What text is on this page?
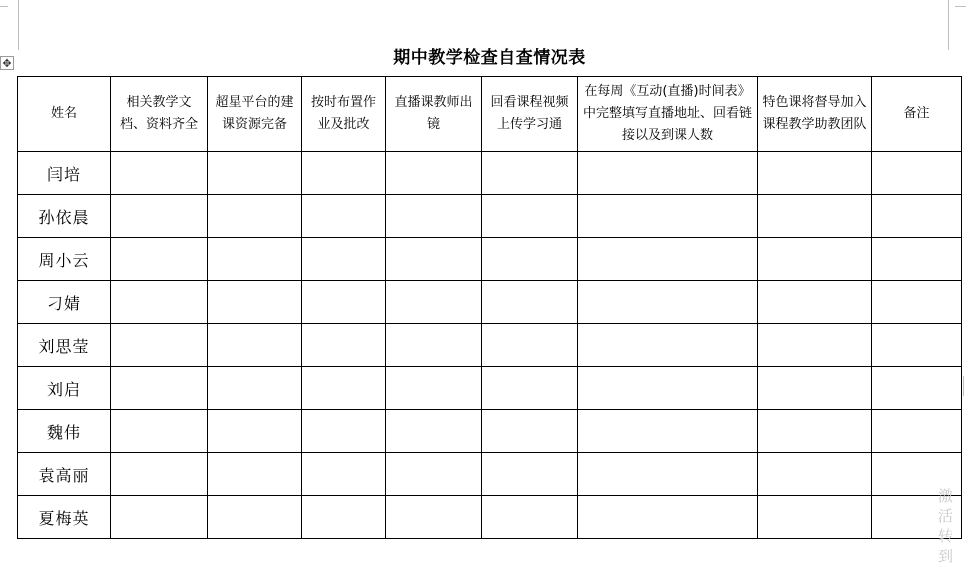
✥	期中教学检查自查情况表
姓名	相关教学文档、资料齐全	超星平台的建课资源完备	按时布置作业及批改	直播课教师出镜	回看课程视频上传学习通	在每周《互动(直播)时间表》中完整填写直播地址、回看链接以及到课人数	特色课将督导加入课程教学助教团队	备注
闫培								
孙依晨								
周小云								
刁婧								
刘思莹								
刘启								
魏伟								
袁高丽								
夏梅英								
激活
转到
